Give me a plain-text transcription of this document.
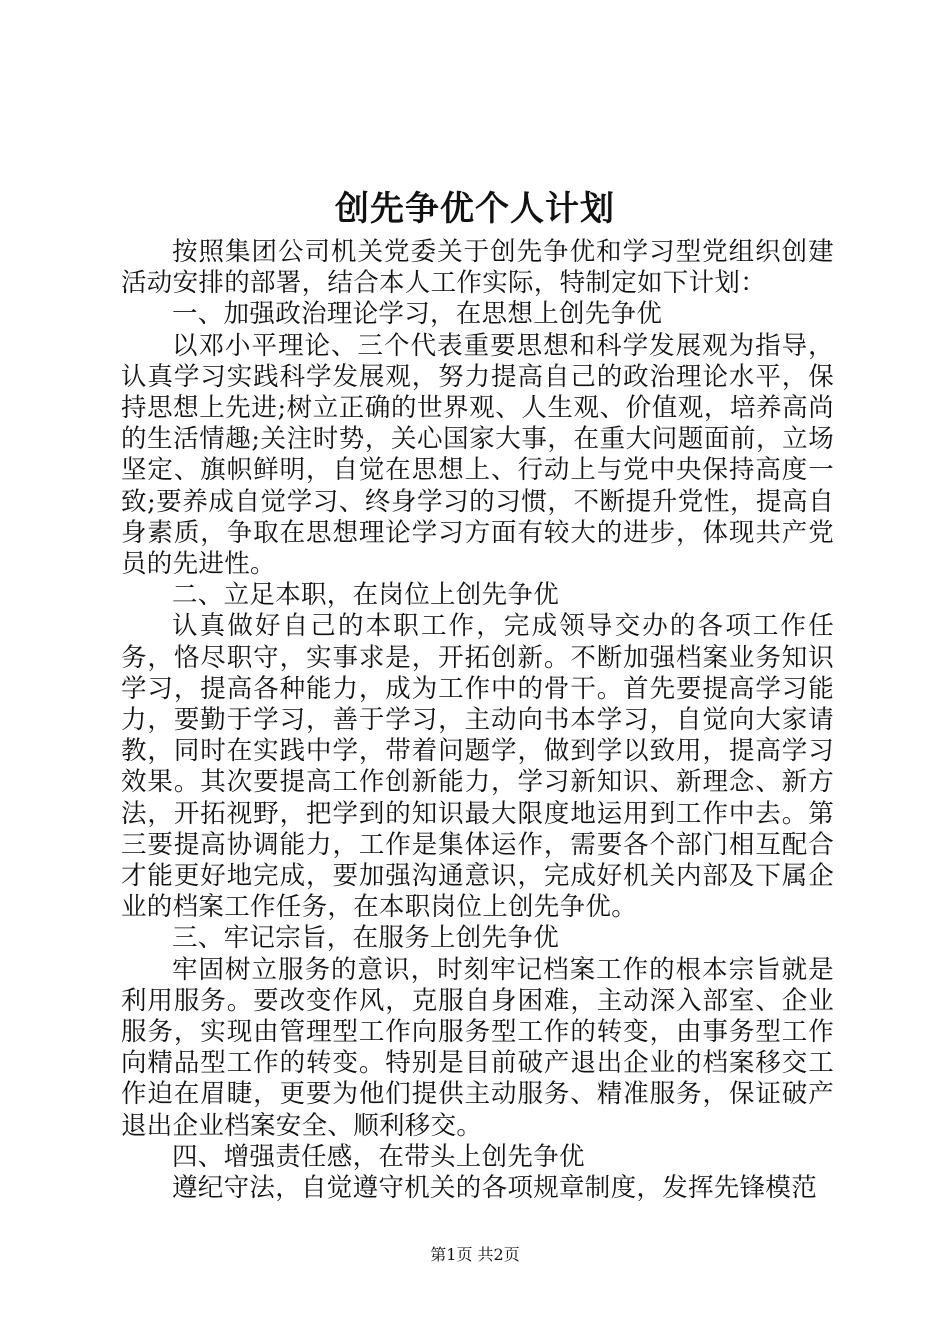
创先争优个人计划

按照集团公司机关党委关于创先争优和学习型党组织创建活动安排的部署，结合本人工作实际，特制定如下计划：

一、加强政治理论学习，在思想上创先争优

以邓小平理论、三个代表重要思想和科学发展观为指导，认真学习实践科学发展观，努力提高自己的政治理论水平，保持思想上先进;树立正确的世界观、人生观、价值观，培养高尚的生活情趣;关注时势，关心国家大事，在重大问题面前，立场坚定、旗帜鲜明，自觉在思想上、行动上与党中央保持高度一致;要养成自觉学习、终身学习的习惯，不断提升党性，提高自身素质，争取在思想理论学习方面有较大的进步，体现共产党员的先进性。

二、立足本职，在岗位上创先争优

认真做好自己的本职工作，完成领导交办的各项工作任务，恪尽职守，实事求是，开拓创新。不断加强档案业务知识学习，提高各种能力，成为工作中的骨干。首先要提高学习能力，要勤于学习，善于学习，主动向书本学习，自觉向大家请教，同时在实践中学，带着问题学，做到学以致用，提高学习效果。其次要提高工作创新能力，学习新知识、新理念、新方法，开拓视野，把学到的知识最大限度地运用到工作中去。第三要提高协调能力，工作是集体运作，需要各个部门相互配合才能更好地完成，要加强沟通意识，完成好机关内部及下属企业的档案工作任务，在本职岗位上创先争优。

三、牢记宗旨，在服务上创先争优

牢固树立服务的意识，时刻牢记档案工作的根本宗旨就是利用服务。要改变作风，克服自身困难，主动深入部室、企业服务，实现由管理型工作向服务型工作的转变，由事务型工作向精品型工作的转变。特别是目前破产退出企业的档案移交工作迫在眉睫，更要为他们提供主动服务、精准服务，保证破产退出企业档案安全、顺利移交。

四、增强责任感，在带头上创先争优

遵纪守法，自觉遵守机关的各项规章制度，发挥先锋模范

第1页 共2页
